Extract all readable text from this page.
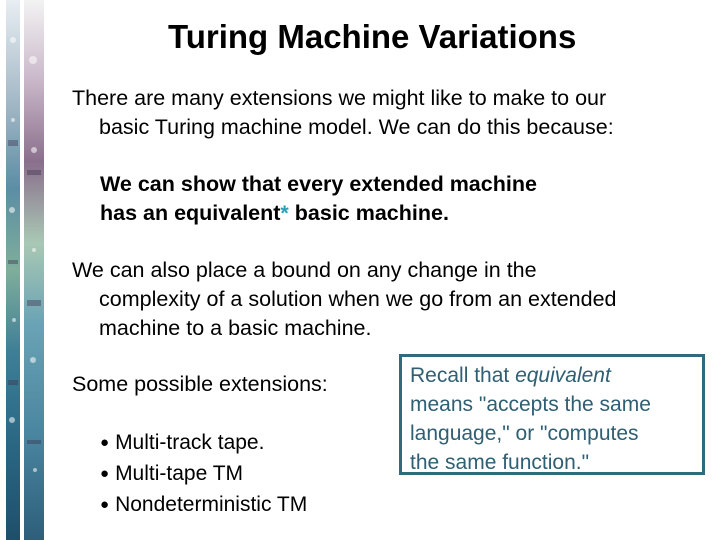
Turing Machine Variations
There are many extensions we might like to make to our
basic Turing machine model. We can do this because:
We can show that every extended machine
has an equivalent* basic machine.
We can also place a bound on any change in the
complexity of a solution when we go from an extended
machine to a basic machine.
Some possible extensions:
● Multi-track tape.
● Multi-tape TM
● Nondeterministic TM
Recall that equivalent
means "accepts the same
language," or "computes
the same function."
